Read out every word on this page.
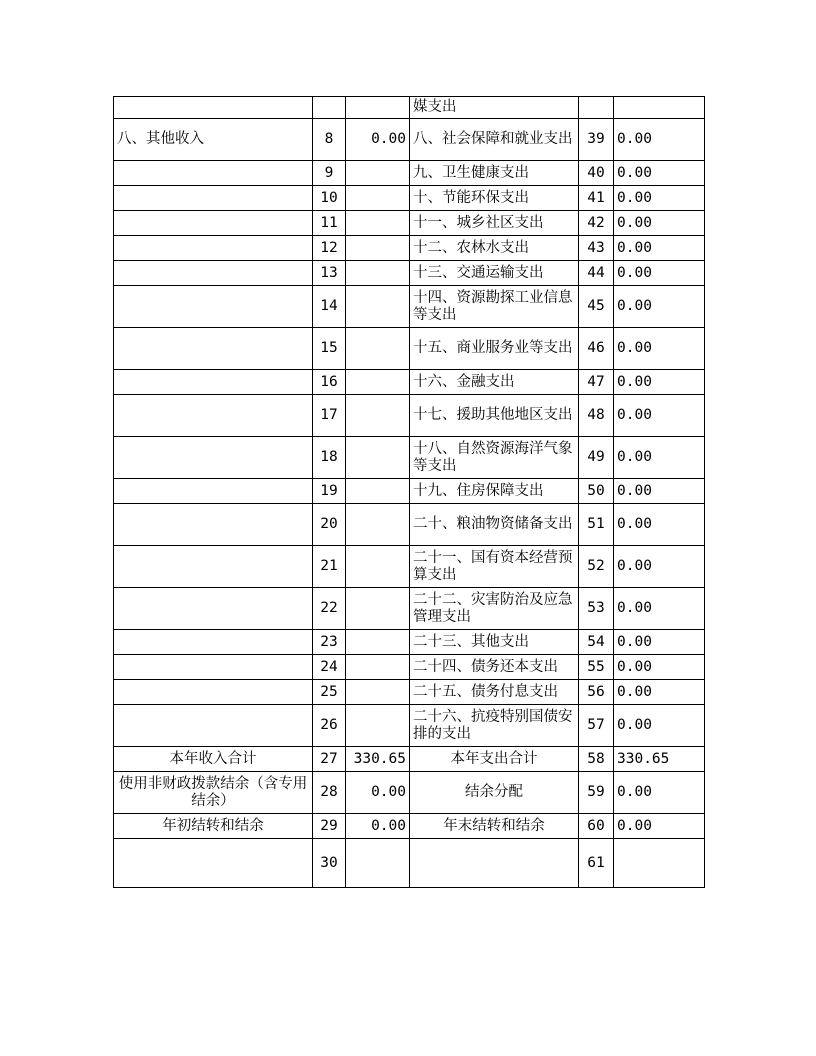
			媒支出		
八、其他收入	8	0.00	八、社会保障和就业支出	39	0.00
	9		九、卫生健康支出	40	0.00
	10		十、节能环保支出	41	0.00
	11		十一、城乡社区支出	42	0.00
	12		十二、农林水支出	43	0.00
	13		十三、交通运输支出	44	0.00
	14		十四、资源勘探工业信息等支出	45	0.00
	15		十五、商业服务业等支出	46	0.00
	16		十六、金融支出	47	0.00
	17		十七、援助其他地区支出	48	0.00
	18		十八、自然资源海洋气象等支出	49	0.00
	19		十九、住房保障支出	50	0.00
	20		二十、粮油物资储备支出	51	0.00
	21		二十一、国有资本经营预算支出	52	0.00
	22		二十二、灾害防治及应急管理支出	53	0.00
	23		二十三、其他支出	54	0.00
	24		二十四、债务还本支出	55	0.00
	25		二十五、债务付息支出	56	0.00
	26		二十六、抗疫特别国债安排的支出	57	0.00
本年收入合计	27	330.65	本年支出合计	58	330.65
使用非财政拨款结余（含专用结余）	28	0.00	结余分配	59	0.00
年初结转和结余	29	0.00	年末结转和结余	60	0.00
	30			61	
